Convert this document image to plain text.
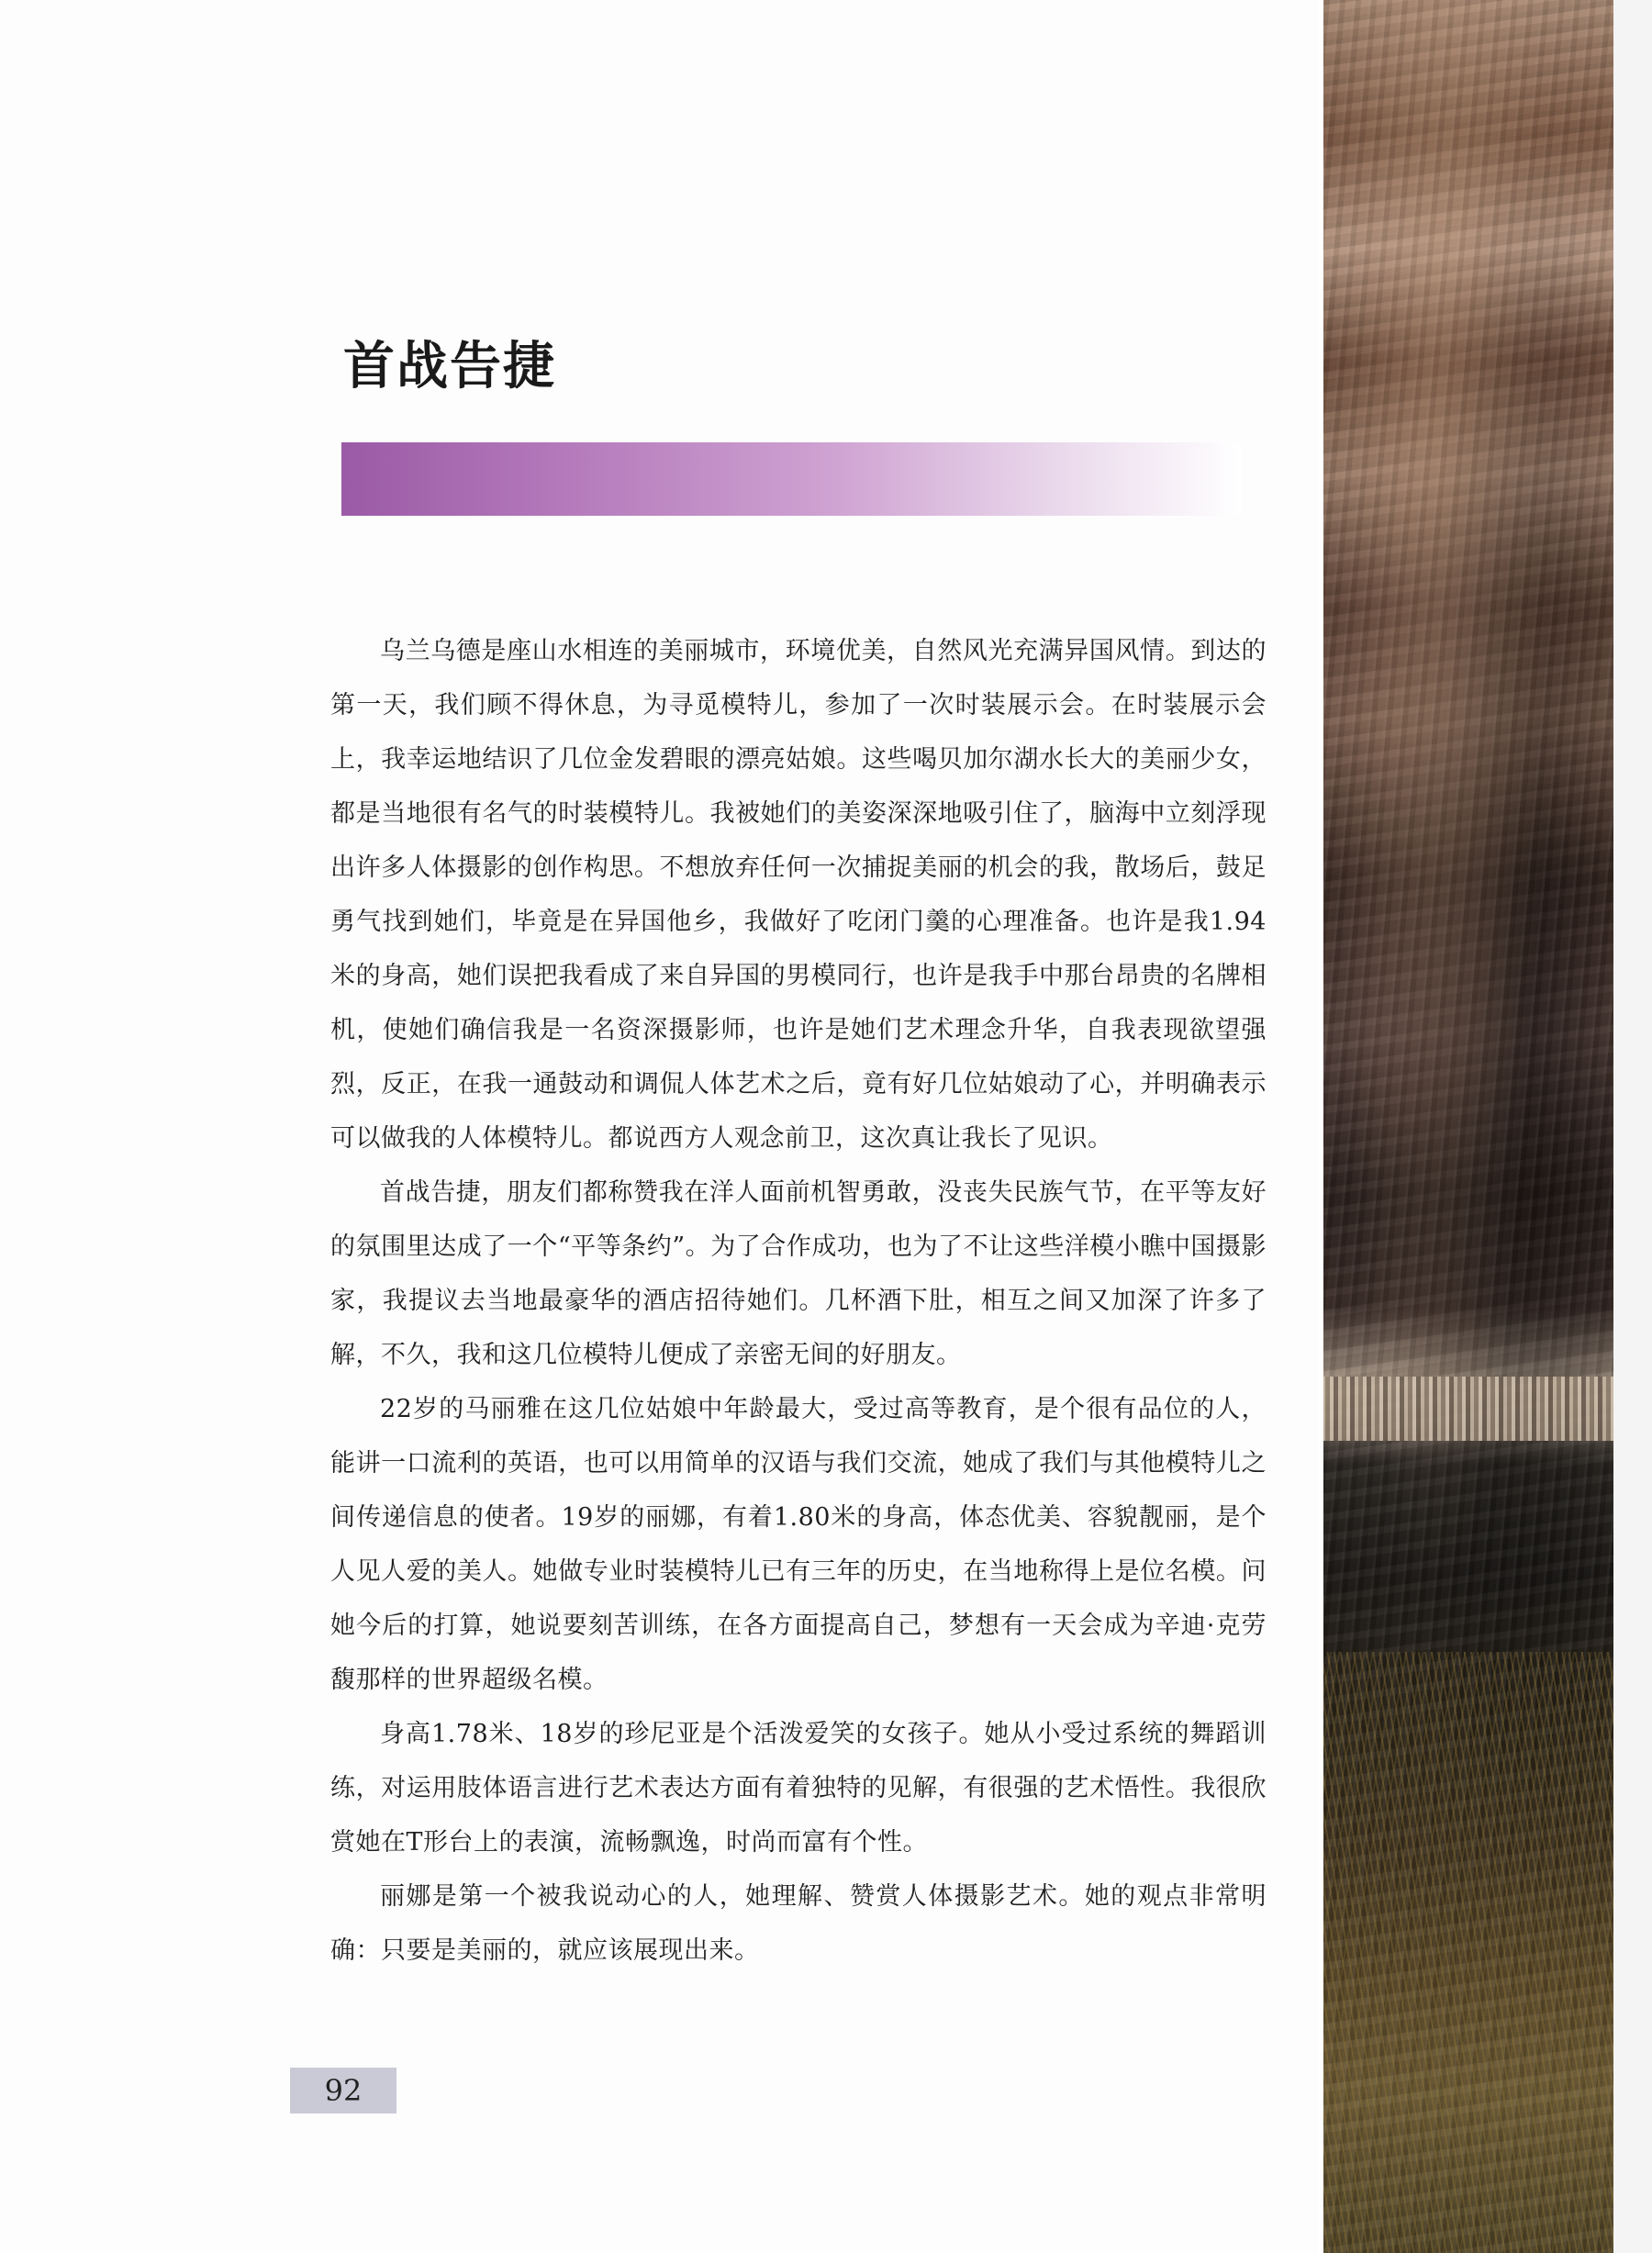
首战告捷

乌兰乌德是座山水相连的美丽城市，环境优美，自然风光充满异国风情。到达的第一天，我们顾不得休息，为寻觅模特儿，参加了一次时装展示会。在时装展示会上，我幸运地结识了几位金发碧眼的漂亮姑娘。这些喝贝加尔湖水长大的美丽少女，都是当地很有名气的时装模特儿。我被她们的美姿深深地吸引住了，脑海中立刻浮现出许多人体摄影的创作构思。不想放弃任何一次捕捉美丽的机会的我，散场后，鼓足勇气找到她们，毕竟是在异国他乡，我做好了吃闭门羹的心理准备。也许是我1.94米的身高，她们误把我看成了来自异国的男模同行，也许是我手中那台昂贵的名牌相机，使她们确信我是一名资深摄影师，也许是她们艺术理念升华，自我表现欲望强烈，反正，在我一通鼓动和调侃人体艺术之后，竟有好几位姑娘动了心，并明确表示可以做我的人体模特儿。都说西方人观念前卫，这次真让我长了见识。

首战告捷，朋友们都称赞我在洋人面前机智勇敢，没丧失民族气节，在平等友好的氛围里达成了一个“平等条约”。为了合作成功，也为了不让这些洋模小瞧中国摄影家，我提议去当地最豪华的酒店招待她们。几杯酒下肚，相互之间又加深了许多了解，不久，我和这几位模特儿便成了亲密无间的好朋友。

22岁的马丽雅在这几位姑娘中年龄最大，受过高等教育，是个很有品位的人，能讲一口流利的英语，也可以用简单的汉语与我们交流，她成了我们与其他模特儿之间传递信息的使者。19岁的丽娜，有着1.80米的身高，体态优美、容貌靓丽，是个人见人爱的美人。她做专业时装模特儿已有三年的历史，在当地称得上是位名模。问她今后的打算，她说要刻苦训练，在各方面提高自己，梦想有一天会成为辛迪·克劳馥那样的世界超级名模。

身高1.78米、18岁的珍尼亚是个活泼爱笑的女孩子。她从小受过系统的舞蹈训练，对运用肢体语言进行艺术表达方面有着独特的见解，有很强的艺术悟性。我很欣赏她在T形台上的表演，流畅飘逸，时尚而富有个性。

丽娜是第一个被我说动心的人，她理解、赞赏人体摄影艺术。她的观点非常明确：只要是美丽的，就应该展现出来。

92
